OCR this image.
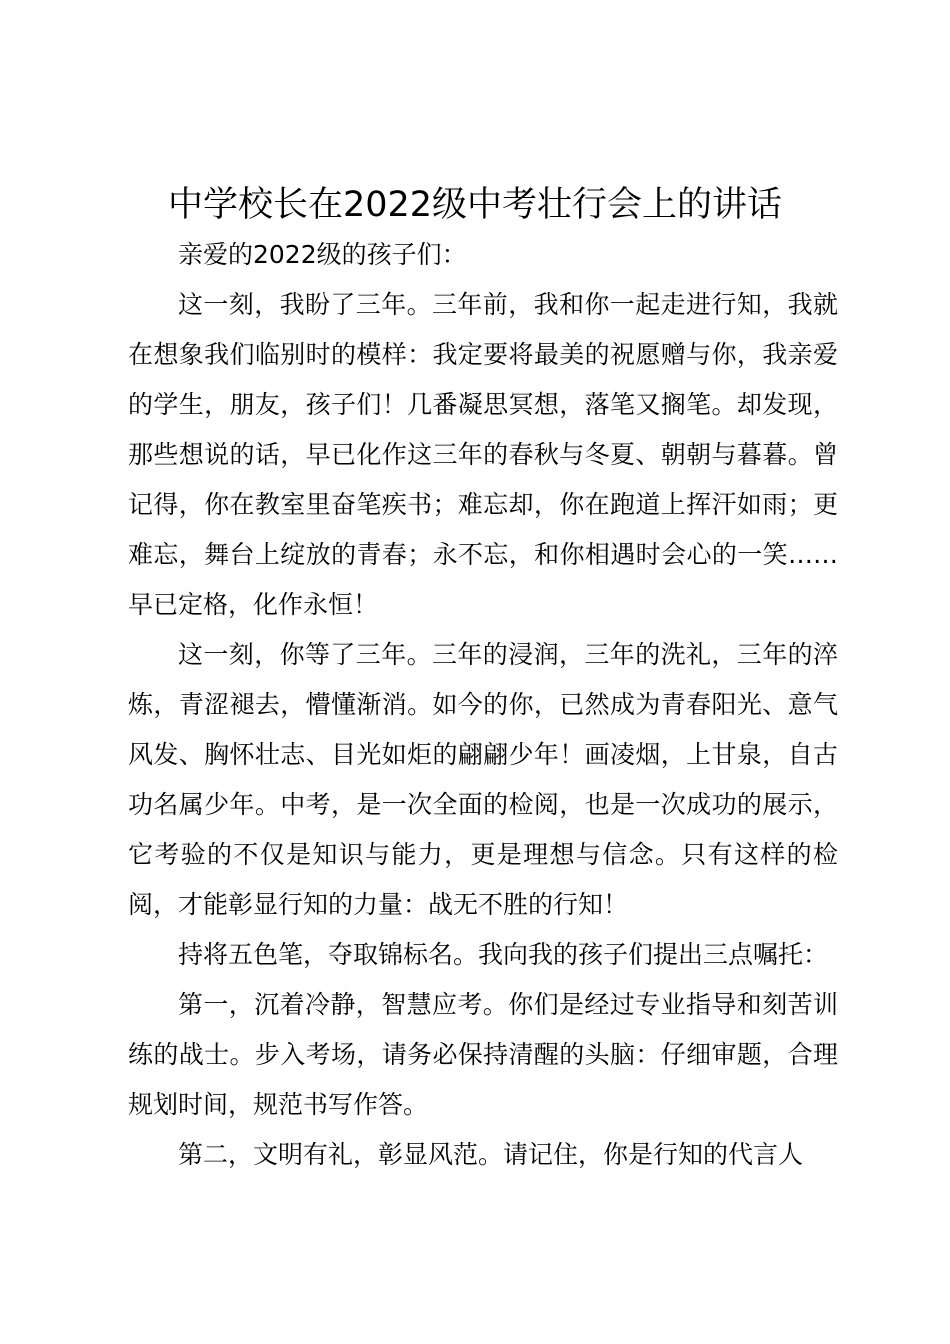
中学校长在2022级中考壮行会上的讲话

亲爱的2022级的孩子们：

这一刻，我盼了三年。三年前，我和你一起走进行知，我就在想象我们临别时的模样：我定要将最美的祝愿赠与你，我亲爱的学生，朋友，孩子们！几番凝思冥想，落笔又搁笔。却发现，那些想说的话，早已化作这三年的春秋与冬夏、朝朝与暮暮。曾记得，你在教室里奋笔疾书；难忘却，你在跑道上挥汗如雨；更难忘，舞台上绽放的青春；永不忘，和你相遇时会心的一笑……早已定格，化作永恒！

这一刻，你等了三年。三年的浸润，三年的洗礼，三年的淬炼，青涩褪去，懵懂渐消。如今的你，已然成为青春阳光、意气风发、胸怀壮志、目光如炬的翩翩少年！画凌烟，上甘泉，自古功名属少年。中考，是一次全面的检阅，也是一次成功的展示，它考验的不仅是知识与能力，更是理想与信念。只有这样的检阅，才能彰显行知的力量：战无不胜的行知！

持将五色笔，夺取锦标名。我向我的孩子们提出三点嘱托：

第一，沉着冷静，智慧应考。你们是经过专业指导和刻苦训练的战士。步入考场，请务必保持清醒的头脑：仔细审题，合理规划时间，规范书写作答。

第二，文明有礼，彰显风范。请记住，你是行知的代言人
